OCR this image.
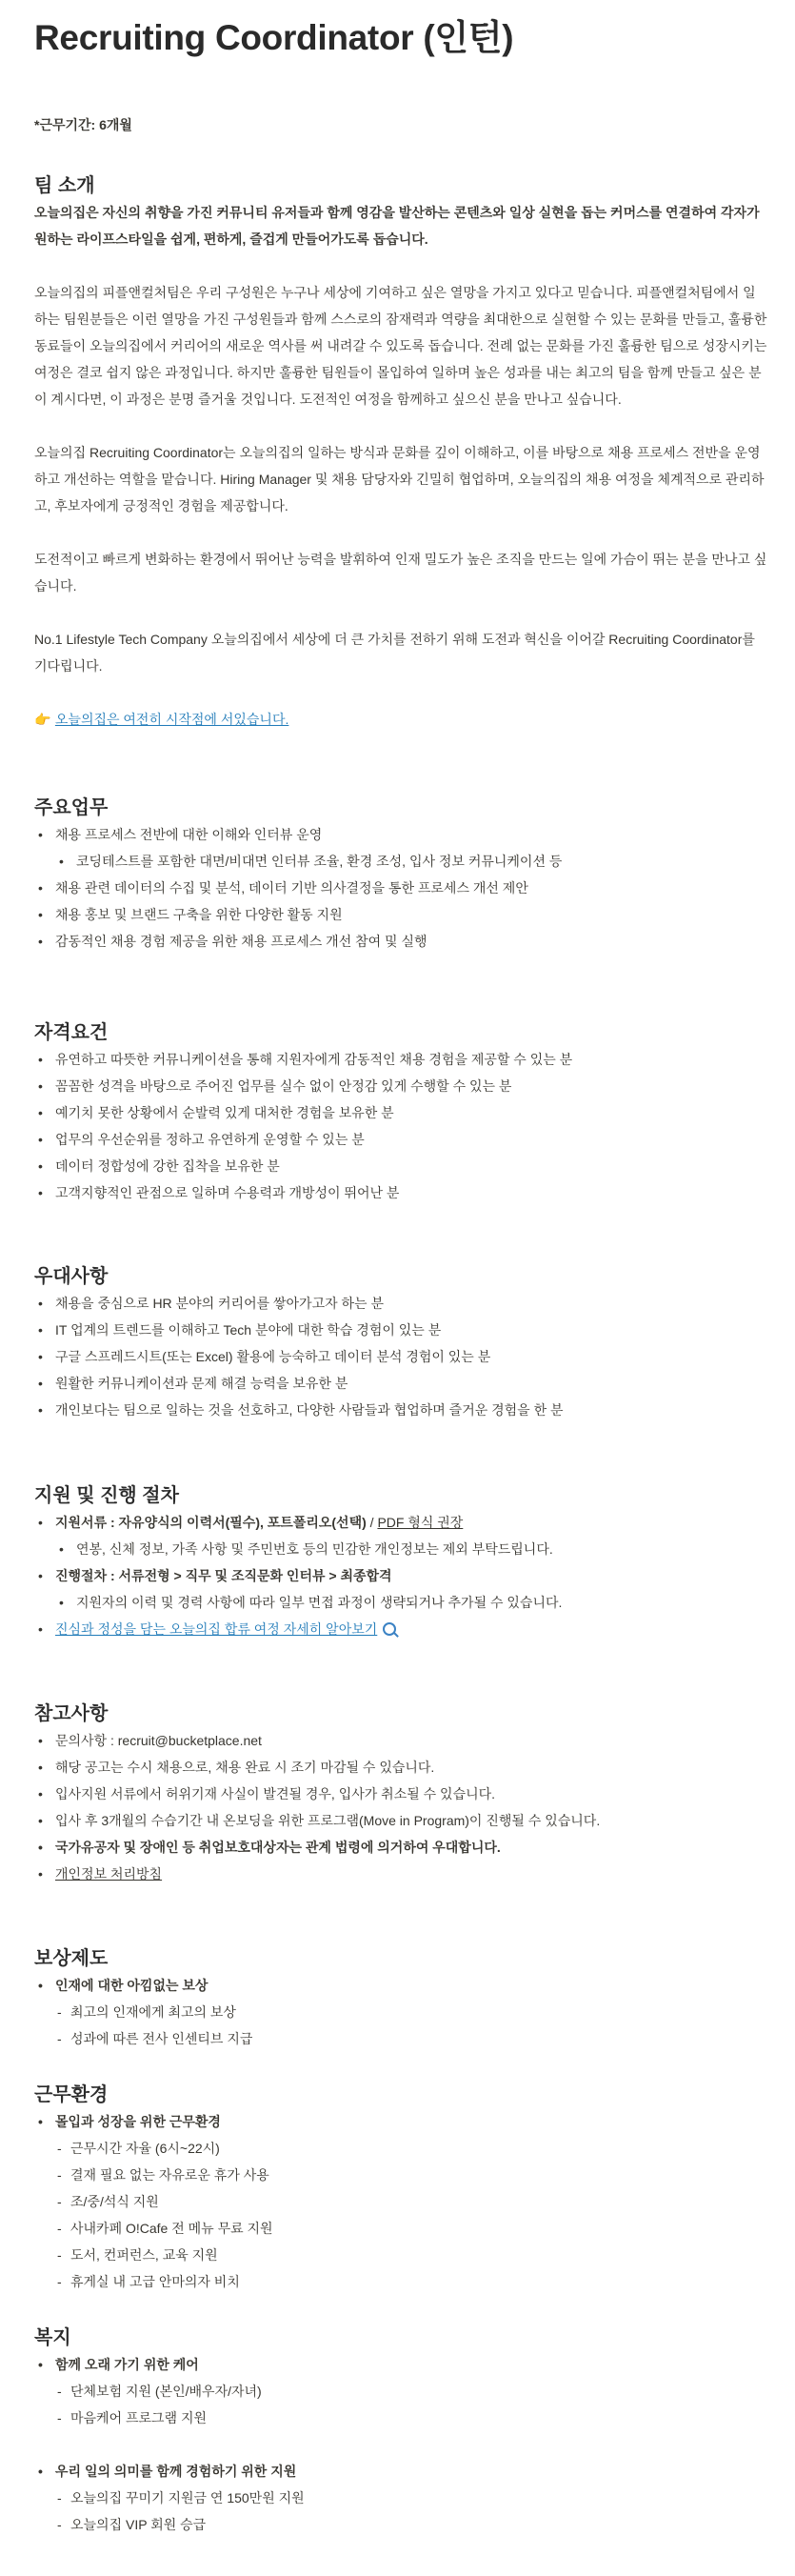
Recruiting Coordinator (인턴)

*근무기간: 6개월

팀 소개

오늘의집은 자신의 취향을 가진 커뮤니티 유저들과 함께 영감을 발산하는 콘텐츠와 일상 실현을 돕는 커머스를 연결하여 각자가 원하는 라이프스타일을 쉽게, 편하게, 즐겁게 만들어가도록 돕습니다.

오늘의집의 피플앤컬처팀은 우리 구성원은 누구나 세상에 기여하고 싶은 열망을 가지고 있다고 믿습니다. 피플앤컬처팀에서 일하는 팀원분들은 이런 열망을 가진 구성원들과 함께 스스로의 잠재력과 역량을 최대한으로 실현할 수 있는 문화를 만들고, 훌륭한 동료들이 오늘의집에서 커리어의 새로운 역사를 써 내려갈 수 있도록 돕습니다. 전례 없는 문화를 가진 훌륭한 팀으로 성장시키는 여정은 결코 쉽지 않은 과정입니다. 하지만 훌륭한 팀원들이 몰입하여 일하며 높은 성과를 내는 최고의 팀을 함께 만들고 싶은 분이 계시다면, 이 과정은 분명 즐거울 것입니다. 도전적인 여정을 함께하고 싶으신 분을 만나고 싶습니다.

오늘의집 Recruiting Coordinator는 오늘의집의 일하는 방식과 문화를 깊이 이해하고, 이를 바탕으로 채용 프로세스 전반을 운영하고 개선하는 역할을 맡습니다. Hiring Manager 및 채용 담당자와 긴밀히 협업하며, 오늘의집의 채용 여정을 체계적으로 관리하고, 후보자에게 긍정적인 경험을 제공합니다.

도전적이고 빠르게 변화하는 환경에서 뛰어난 능력을 발휘하여 인재 밀도가 높은 조직을 만드는 일에 가슴이 뛰는 분을 만나고 싶습니다.

No.1 Lifestyle Tech Company 오늘의집에서 세상에 더 큰 가치를 전하기 위해 도전과 혁신을 이어갈 Recruiting Coordinator를 기다립니다.

👉 오늘의집은 여전히 시작점에 서있습니다.

주요업무
• 채용 프로세스 전반에 대한 이해와 인터뷰 운영
• 코딩테스트를 포함한 대면/비대면 인터뷰 조율, 환경 조성, 입사 정보 커뮤니케이션 등
• 채용 관련 데이터의 수집 및 분석, 데이터 기반 의사결정을 통한 프로세스 개선 제안
• 채용 홍보 및 브랜드 구축을 위한 다양한 활동 지원
• 감동적인 채용 경험 제공을 위한 채용 프로세스 개선 참여 및 실행
자격요건
• 유연하고 따뜻한 커뮤니케이션을 통해 지원자에게 감동적인 채용 경험을 제공할 수 있는 분
• 꼼꼼한 성격을 바탕으로 주어진 업무를 실수 없이 안정감 있게 수행할 수 있는 분
• 예기치 못한 상황에서 순발력 있게 대처한 경험을 보유한 분
• 업무의 우선순위를 정하고 유연하게 운영할 수 있는 분
• 데이터 정합성에 강한 집착을 보유한 분
• 고객지향적인 관점으로 일하며 수용력과 개방성이 뛰어난 분
우대사항
• 채용을 중심으로 HR 분야의 커리어를 쌓아가고자 하는 분
• IT 업계의 트렌드를 이해하고 Tech 분야에 대한 학습 경험이 있는 분
• 구글 스프레드시트(또는 Excel) 활용에 능숙하고 데이터 분석 경험이 있는 분
• 원활한 커뮤니케이션과 문제 해결 능력을 보유한 분
• 개인보다는 팀으로 일하는 것을 선호하고, 다양한 사람들과 협업하며 즐거운 경험을 한 분
지원 및 진행 절차
• 지원서류 : 자유양식의 이력서(필수), 포트폴리오(선택) / PDF 형식 권장
• 연봉, 신체 정보, 가족 사항 및 주민번호 등의 민감한 개인정보는 제외 부탁드립니다.
• 진행절차 : 서류전형 > 직무 및 조직문화 인터뷰 > 최종합격
• 지원자의 이력 및 경력 사항에 따라 일부 면접 과정이 생략되거나 추가될 수 있습니다.
• 진심과 정성을 담는 오늘의집 합류 여정 자세히 알아보기
참고사항
• 문의사항 : recruit@bucketplace.net
• 해당 공고는 수시 채용으로, 채용 완료 시 조기 마감될 수 있습니다.
• 입사지원 서류에서 허위기재 사실이 발견될 경우, 입사가 취소될 수 있습니다.
• 입사 후 3개월의 수습기간 내 온보딩을 위한 프로그램(Move in Program)이 진행될 수 있습니다.
• 국가유공자 및 장애인 등 취업보호대상자는 관계 법령에 의거하여 우대합니다.
• 개인정보 처리방침
보상제도
• 인재에 대한 아낌없는 보상
- 최고의 인재에게 최고의 보상
- 성과에 따른 전사 인센티브 지급
근무환경
• 몰입과 성장을 위한 근무환경
- 근무시간 자율 (6시~22시)
- 결재 필요 없는 자유로운 휴가 사용
- 조/중/석식 지원
- 사내카페 O!Cafe 전 메뉴 무료 지원
- 도서, 컨퍼런스, 교육 지원
- 휴게실 내 고급 안마의자 비치
복지
• 함께 오래 가기 위한 케어
- 단체보험 지원 (본인/배우자/자녀)
- 마음케어 프로그램 지원
• 우리 일의 의미를 함께 경험하기 위한 지원
- 오늘의집 꾸미기 지원금 연 150만원 지원
- 오늘의집 VIP 회원 승급
